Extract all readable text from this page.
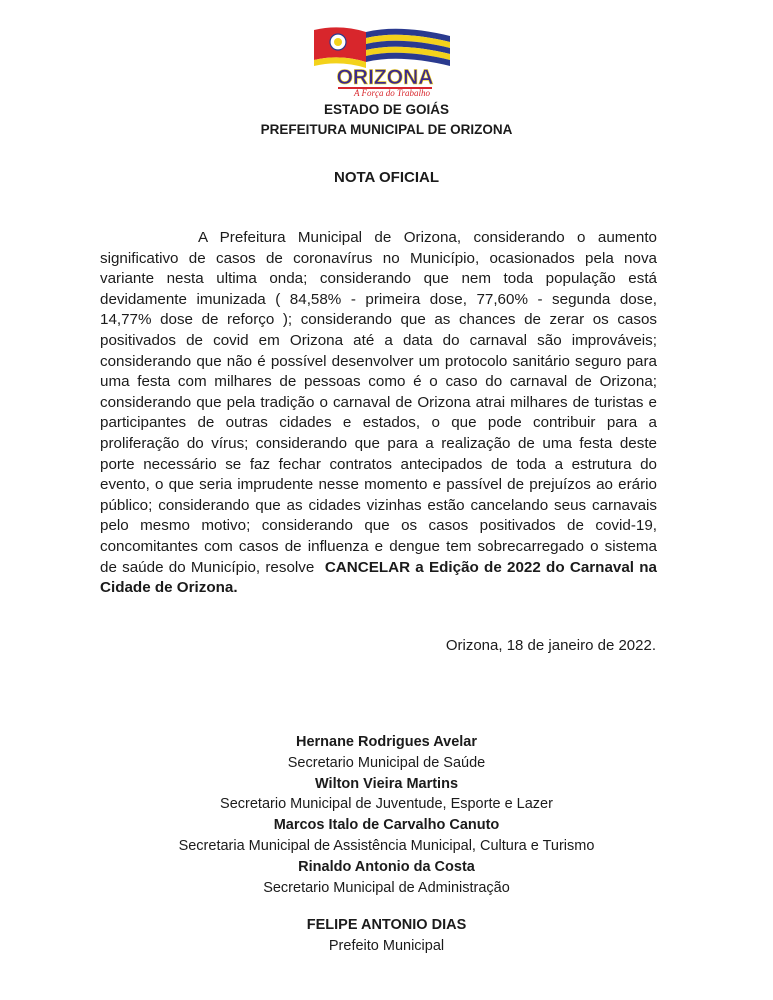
ORIZONA
A Força do Trabalho
ESTADO DE GOIÁS
PREFEITURA MUNICIPAL DE ORIZONA
NOTA OFICIAL

A Prefeitura Municipal de Orizona, considerando o aumento significativo de casos de coronavírus no Município, ocasionados pela nova variante nesta ultima onda; considerando que nem toda população está devidamente imunizada ( 84,58% - primeira dose, 77,60% - segunda dose, 14,77% dose de reforço ); considerando que as chances de zerar os casos positivados de covid em Orizona até a data do carnaval são improváveis; considerando que não é possível desenvolver um protocolo sanitário seguro para uma festa com milhares de pessoas como é o caso do carnaval de Orizona; considerando que pela tradição o carnaval de Orizona atrai milhares de turistas e participantes de outras cidades e estados, o que pode contribuir para a proliferação do vírus; considerando que para a realização de uma festa deste porte necessário se faz fechar contratos antecipados de toda a estrutura do evento, o que seria imprudente nesse momento e passível de prejuízos ao erário público; considerando que as cidades vizinhas estão cancelando seus carnavais pelo mesmo motivo; considerando que os casos positivados de covid-19, concomitantes com casos de influenza e dengue tem sobrecarregado o sistema de saúde do Município, resolve CANCELAR a Edição de 2022 do Carnaval na Cidade de Orizona.

Orizona, 18 de janeiro de 2022.
Hernane Rodrigues Avelar
Secretario Municipal de Saúde
Wilton Vieira Martins
Secretario Municipal de Juventude, Esporte e Lazer
Marcos Italo de Carvalho Canuto
Secretaria Municipal de Assistência Municipal, Cultura e Turismo
Rinaldo Antonio da Costa
Secretario Municipal de Administração
FELIPE ANTONIO DIAS
Prefeito Municipal
